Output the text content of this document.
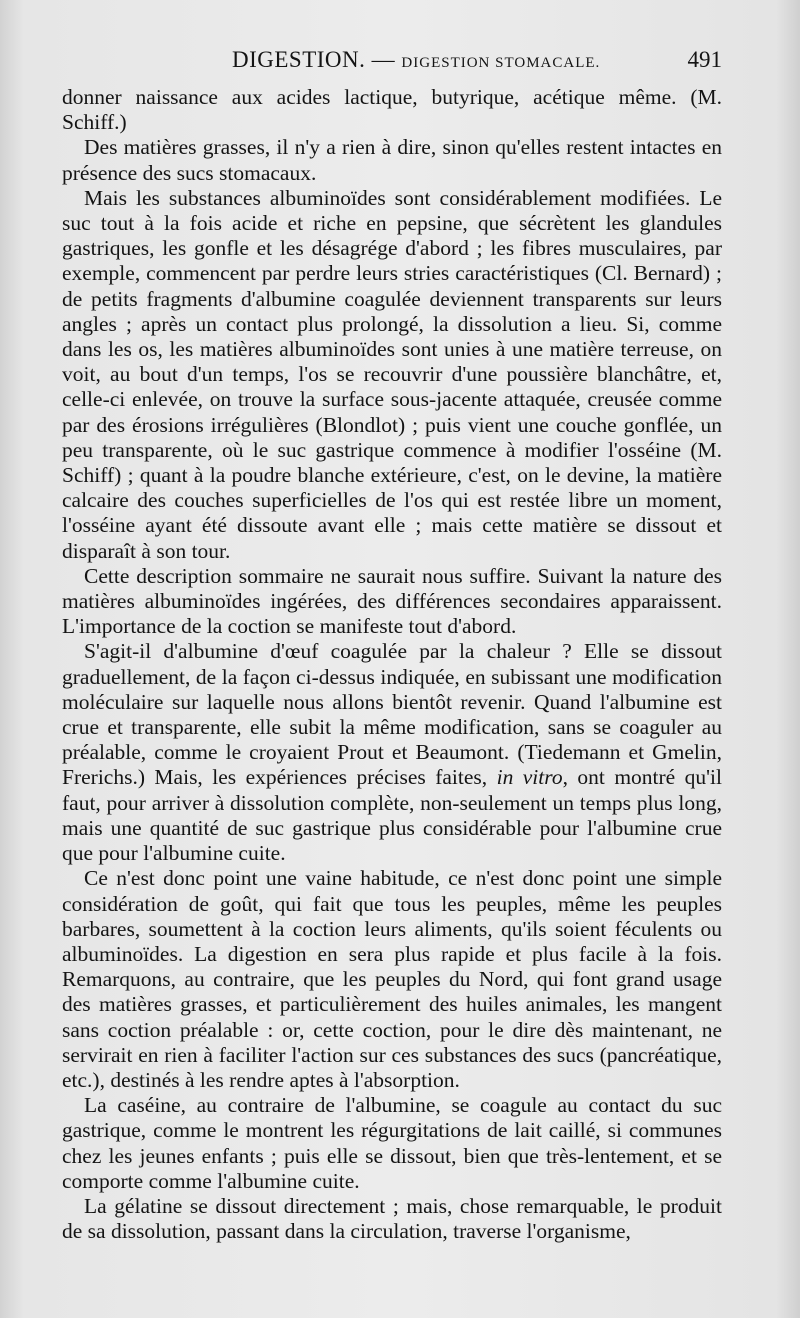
DIGESTION. — DIGESTION STOMACALE.	491

donner naissance aux acides lactique, butyrique, acétique même. (M. Schiff.)

Des matières grasses, il n'y a rien à dire, sinon qu'elles restent intactes en présence des sucs stomacaux.

Mais les substances albuminoïdes sont considérablement modifiées. Le suc tout à la fois acide et riche en pepsine, que sécrètent les glandules gastriques, les gonfle et les désagrége d'abord ; les fibres musculaires, par exemple, commencent par perdre leurs stries caractéristiques (Cl. Bernard) ; de petits fragments d'albumine coagulée deviennent transparents sur leurs angles ; après un contact plus prolongé, la dissolution a lieu. Si, comme dans les os, les matières albuminoïdes sont unies à une matière terreuse, on voit, au bout d'un temps, l'os se recouvrir d'une poussière blanchâtre, et, celle-ci enlevée, on trouve la surface sous-jacente attaquée, creusée comme par des érosions irrégulières (Blondlot) ; puis vient une couche gonflée, un peu transparente, où le suc gastrique commence à modifier l'osséine (M. Schiff) ; quant à la poudre blanche extérieure, c'est, on le devine, la matière calcaire des couches superficielles de l'os qui est restée libre un moment, l'osséine ayant été dissoute avant elle ; mais cette matière se dissout et disparaît à son tour.

Cette description sommaire ne saurait nous suffire. Suivant la nature des matières albuminoïdes ingérées, des différences secondaires apparaissent. L'importance de la coction se manifeste tout d'abord.

S'agit-il d'albumine d'œuf coagulée par la chaleur ? Elle se dissout graduellement, de la façon ci-dessus indiquée, en subissant une modification moléculaire sur laquelle nous allons bientôt revenir. Quand l'albumine est crue et transparente, elle subit la même modification, sans se coaguler au préalable, comme le croyaient Prout et Beaumont. (Tiedemann et Gmelin, Frerichs.) Mais, les expériences précises faites, in vitro, ont montré qu'il faut, pour arriver à dissolution complète, non-seulement un temps plus long, mais une quantité de suc gastrique plus considérable pour l'albumine crue que pour l'albumine cuite.

Ce n'est donc point une vaine habitude, ce n'est donc point une simple considération de goût, qui fait que tous les peuples, même les peuples barbares, soumettent à la coction leurs aliments, qu'ils soient féculents ou albuminoïdes. La digestion en sera plus rapide et plus facile à la fois. Remarquons, au contraire, que les peuples du Nord, qui font grand usage des matières grasses, et particulièrement des huiles animales, les mangent sans coction préalable : or, cette coction, pour le dire dès maintenant, ne servirait en rien à faciliter l'action sur ces substances des sucs (pancréatique, etc.), destinés à les rendre aptes à l'absorption.

La caséine, au contraire de l'albumine, se coagule au contact du suc gastrique, comme le montrent les régurgitations de lait caillé, si communes chez les jeunes enfants ; puis elle se dissout, bien que très-lentement, et se comporte comme l'albumine cuite.

La gélatine se dissout directement ; mais, chose remarquable, le produit de sa dissolution, passant dans la circulation, traverse l'organisme,
